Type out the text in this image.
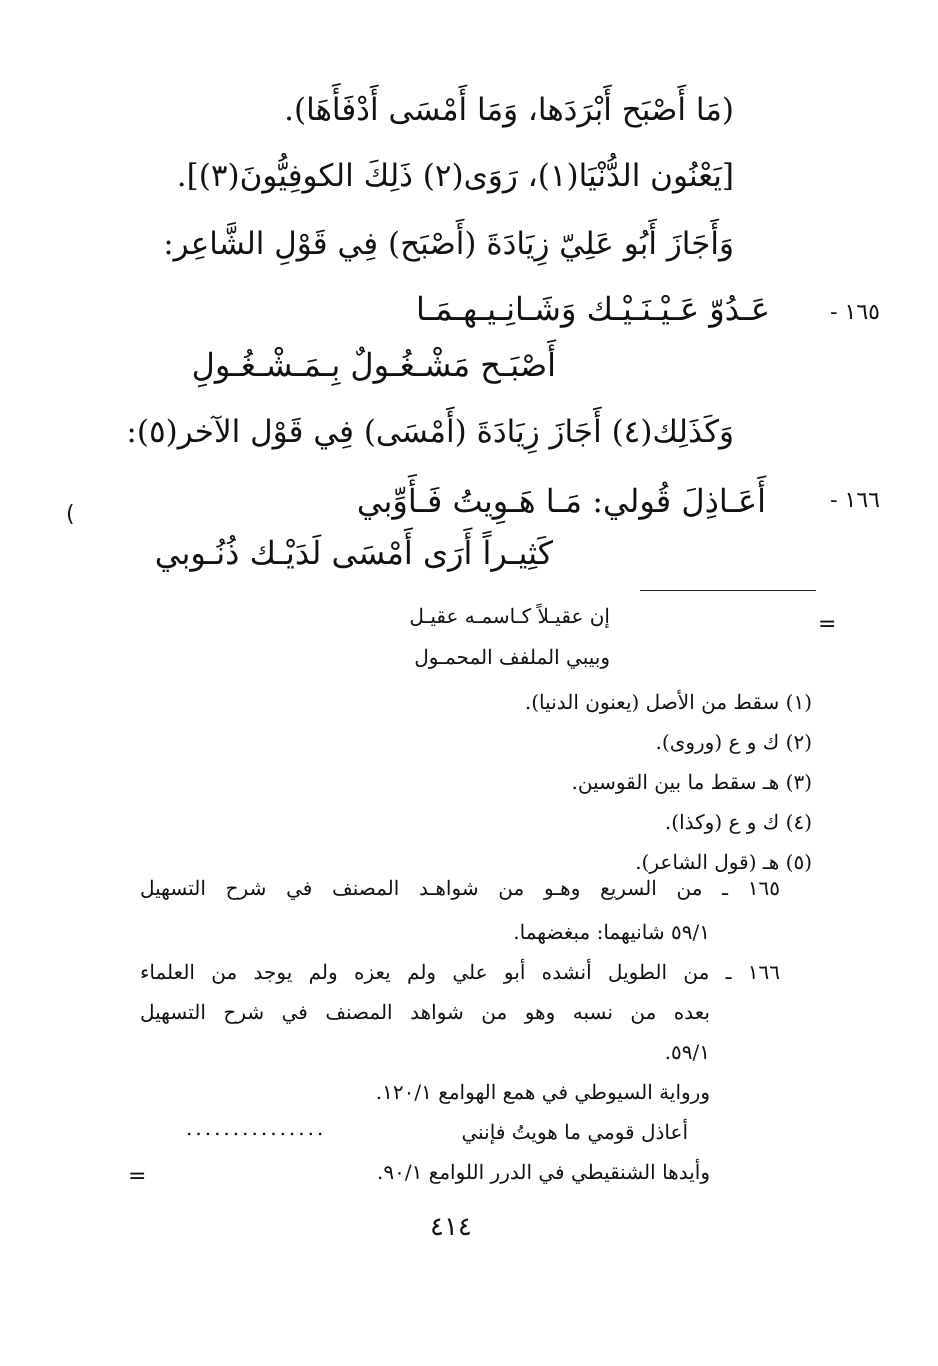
(مَا أَصْبَح أَبْرَدَها، وَمَا أَمْسَى أَدْفَأَهَا).
[يَعْنُون الدُّنْيَا(١)، رَوَى(٢) ذَلِكَ الكوفِيُّونَ(٣)].
وَأَجَازَ أَبُو عَلِيّ زِيَادَةَ (أَصْبَح) فِي قَوْلِ الشَّاعِر:
١٦٥ -
عَـدُوّ عَـيْـنَـيْـك وَشَـانِـيـهـمَـا
أَصْبَـح مَشْـغُـولٌ بِـمَـشْـغُـولِ
وَكَذَلِك(٤) أَجَازَ زِيَادَةَ (أَمْسَى) فِي قَوْل الآخر(٥):
١٦٦ -
أَعَـاذِلَ قُولي: مَـا هَـوِيتُ فَـأَوِّبي
كَثِيـراً أَرَى أَمْسَى لَدَيْـك ذُنُـوبي
(
إن عقيـلاً كـاسمـه عقيـل
وبيبي الملفف المحمـول
=
(١) سقط من الأصل (يعنون الدنيا).
(٢) ك و ع (وروى).
(٣) هـ سقط ما بين القوسين.
(٤) ك و ع (وكذا).
(٥) هـ (قول الشاعر).
١٦٥ ـ من السريع وهـو من شواهـد المصنف في شرح التسهيل
٥٩/١ شانيهما: مبغضهما.
١٦٦ ـ من الطويل أنشده أبو علي ولم يعزه ولم يوجد من العلماء
بعده من نسبه وهو من شواهد المصنف في شرح التسهيل
٥٩/١.
ورواية السيوطي في همع الهوامع ١٢٠/١.
أعاذل قومي ما هويتُ فإنني
...............
وأيدها الشنقيطي في الدرر اللوامع ٩٠/١.
=
٤١٤
